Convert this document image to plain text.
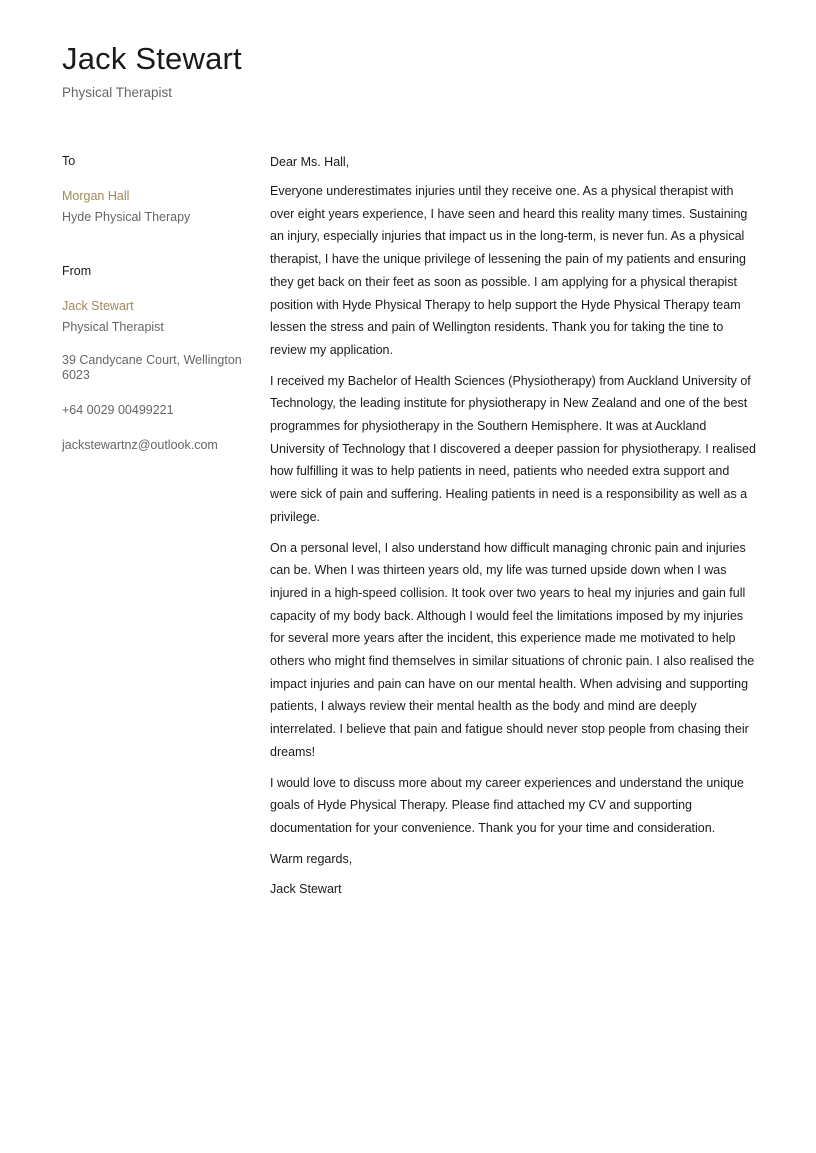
Jack Stewart
Physical Therapist
To
Morgan Hall
Hyde Physical Therapy
From
Jack Stewart
Physical Therapist
39 Candycane Court, Wellington 6023
+64 0029 00499221
jackstewartnz@outlook.com

Dear Ms. Hall,

Everyone underestimates injuries until they receive one. As a physical therapist with over eight years experience, I have seen and heard this reality many times. Sustaining an injury, especially injuries that impact us in the long-term, is never fun. As a physical therapist, I have the unique privilege of lessening the pain of my patients and ensuring they get back on their feet as soon as possible. I am applying for a physical therapist position with Hyde Physical Therapy to help support the Hyde Physical Therapy team lessen the stress and pain of Wellington residents. Thank you for taking the tine to review my application.

I received my Bachelor of Health Sciences (Physiotherapy) from Auckland University of Technology, the leading institute for physiotherapy in New Zealand and one of the best programmes for physiotherapy in the Southern Hemisphere. It was at Auckland University of Technology that I discovered a deeper passion for physiotherapy. I realised how fulfilling it was to help patients in need, patients who needed extra support and were sick of pain and suffering. Healing patients in need is a responsibility as well as a privilege.

On a personal level, I also understand how difficult managing chronic pain and injuries can be. When I was thirteen years old, my life was turned upside down when I was injured in a high-speed collision. It took over two years to heal my injuries and gain full capacity of my body back. Although I would feel the limitations imposed by my injuries for several more years after the incident, this experience made me motivated to help others who might find themselves in similar situations of chronic pain. I also realised the impact injuries and pain can have on our mental health. When advising and supporting patients, I always review their mental health as the body and mind are deeply interrelated. I believe that pain and fatigue should never stop people from chasing their dreams!

I would love to discuss more about my career experiences and understand the unique goals of Hyde Physical Therapy. Please find attached my CV and supporting documentation for your convenience. Thank you for your time and consideration.

Warm regards,

Jack Stewart
